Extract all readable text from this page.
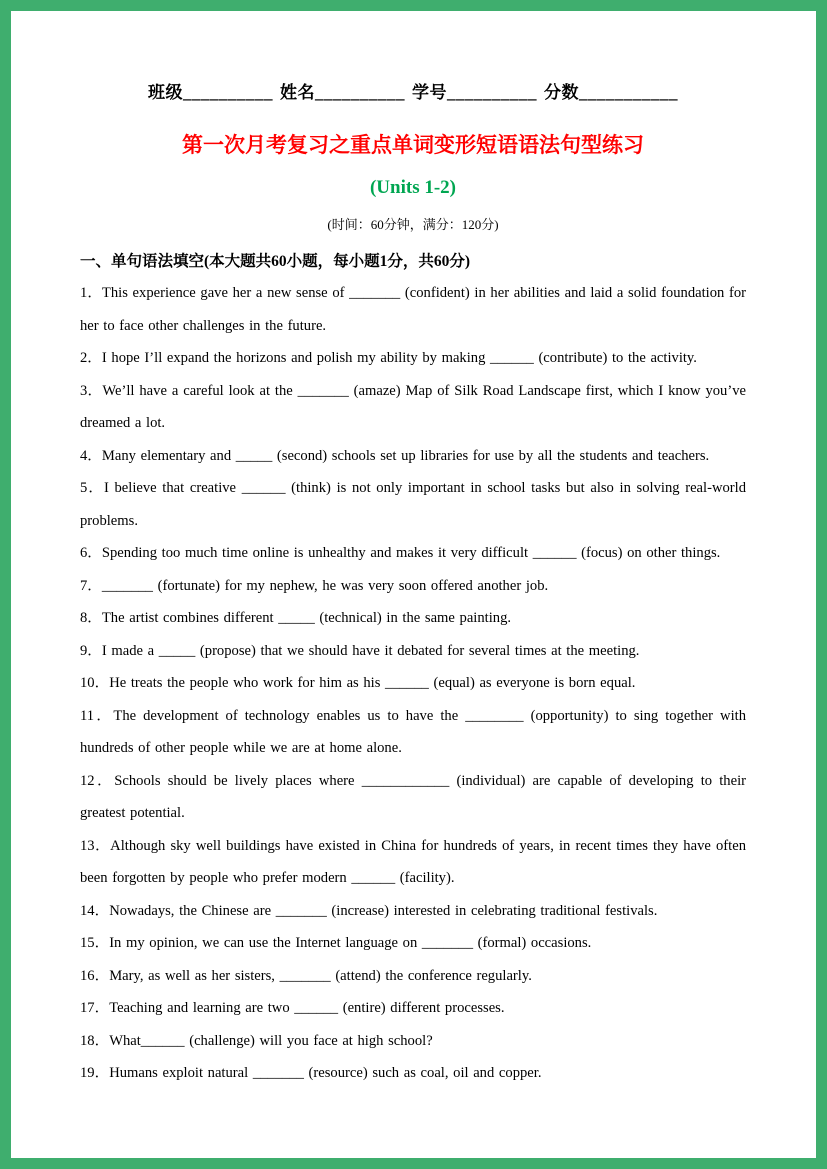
班级__________ 姓名__________ 学号__________ 分数___________
第一次月考复习之重点单词变形短语语法句型练习
(Units 1-2)
(时间：60分钟，满分：120分)
一、单句语法填空(本大题共60小题，每小题1分，共60分)

1．This experience gave her a new sense of _______ (confident) in her abilities and laid a solid foundation for her to face other challenges in the future.

2．I hope I’ll expand the horizons and polish my ability by making ______ (contribute) to the activity.

3．We’ll have a careful look at the _______ (amaze) Map of Silk Road Landscape first, which I know you’ve dreamed a lot.

4．Many elementary and _____ (second) schools set up libraries for use by all the students and teachers.

5．I believe that creative ______ (think) is not only important in school tasks but also in solving real-world problems.

6．Spending too much time online is unhealthy and makes it very difficult ______ (focus) on other things.

7．_______ (fortunate) for my nephew, he was very soon offered another job.

8．The artist combines different _____ (technical) in the same painting.

9．I made a _____ (propose) that we should have it debated for several times at the meeting.

10．He treats the people who work for him as his ______ (equal) as everyone is born equal.

11．The development of technology enables us to have the ________ (opportunity) to sing together with hundreds of other people while we are at home alone.

12．Schools should be lively places where ____________ (individual) are capable of developing to their greatest potential.

13．Although sky well buildings have existed in China for hundreds of years, in recent times they have often been forgotten by people who prefer modern ______ (facility).

14．Nowadays, the Chinese are _______ (increase) interested in celebrating traditional festivals.

15．In my opinion, we can use the Internet language on _______ (formal) occasions.

16．Mary, as well as her sisters, _______ (attend) the conference regularly.

17．Teaching and learning are two ______ (entire) different processes.

18．What______ (challenge) will you face at high school?

19．Humans exploit natural _______ (resource) such as coal, oil and copper.
